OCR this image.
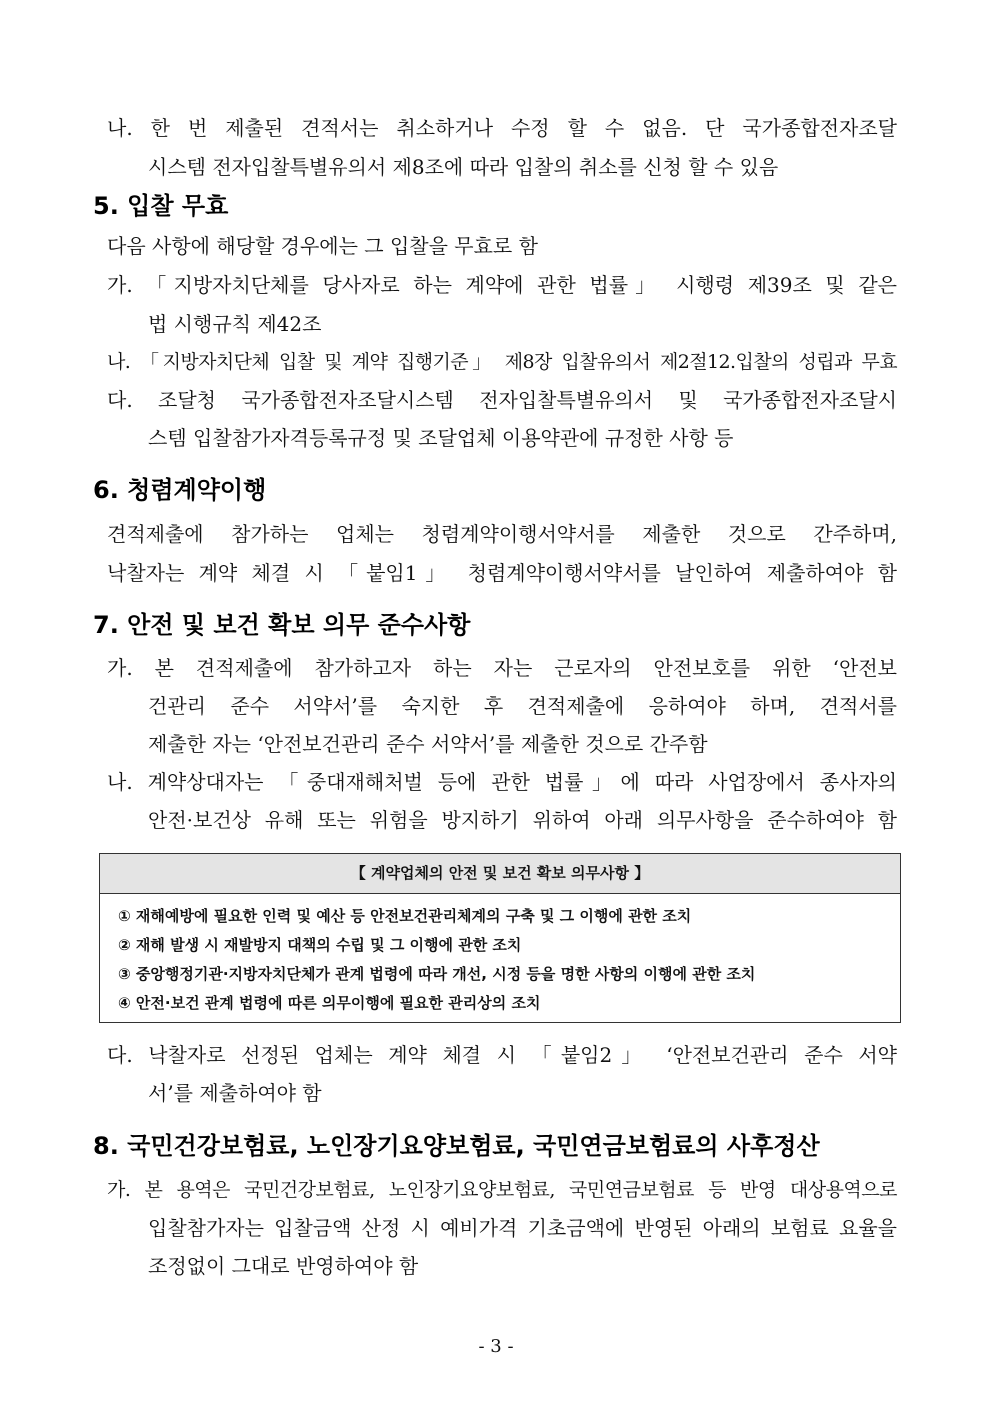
나. 한 번 제출된 견적서는 취소하거나 수정 할 수 없음. 단 국가종합전자조달
시스템 전자입찰특별유의서 제8조에 따라 입찰의 취소를 신청 할 수 있음
5. 입찰 무효
다음 사항에 해당할 경우에는 그 입찰을 무효로 함
가. 「지방자치단체를 당사자로 하는 계약에 관한 법률」 시행령 제39조 및 같은
법 시행규칙 제42조
나. 「지방자치단체 입찰 및 계약 집행기준」 제8장 입찰유의서 제2절12.입찰의 성립과 무효
다. 조달청 국가종합전자조달시스템 전자입찰특별유의서 및 국가종합전자조달시
스템 입찰참가자격등록규정 및 조달업체 이용약관에 규정한 사항 등
6. 청렴계약이행
견적제출에 참가하는 업체는 청렴계약이행서약서를 제출한 것으로 간주하며,
낙찰자는 계약 체결 시 「붙임1」 청렴계약이행서약서를 날인하여 제출하여야 함
7. 안전 및 보건 확보 의무 준수사항
가. 본 견적제출에 참가하고자 하는 자는 근로자의 안전보호를 위한 ‘안전보
건관리 준수 서약서’를 숙지한 후 견적제출에 응하여야 하며, 견적서를
제출한 자는 ‘안전보건관리 준수 서약서’를 제출한 것으로 간주함
나. 계약상대자는 「중대재해처벌 등에 관한 법률」에 따라 사업장에서 종사자의
안전·보건상 유해 또는 위험을 방지하기 위하여 아래 의무사항을 준수하여야 함
【 계약업체의 안전 및 보건 확보 의무사항 】
① 재해예방에 필요한 인력 및 예산 등 안전보건관리체계의 구축 및 그 이행에 관한 조치
② 재해 발생 시 재발방지 대책의 수립 및 그 이행에 관한 조치
③ 중앙행정기관·지방자치단체가 관계 법령에 따라 개선, 시정 등을 명한 사항의 이행에 관한 조치
④ 안전·보건 관계 법령에 따른 의무이행에 필요한 관리상의 조치
다. 낙찰자로 선정된 업체는 계약 체결 시 「붙임2」 ‘안전보건관리 준수 서약
서’를 제출하여야 함
8. 국민건강보험료, 노인장기요양보험료, 국민연금보험료의 사후정산
가. 본 용역은 국민건강보험료, 노인장기요양보험료, 국민연금보험료 등 반영 대상용역으로
입찰참가자는 입찰금액 산정 시 예비가격 기초금액에 반영된 아래의 보험료 요율을
조정없이 그대로 반영하여야 함
- 3 -
